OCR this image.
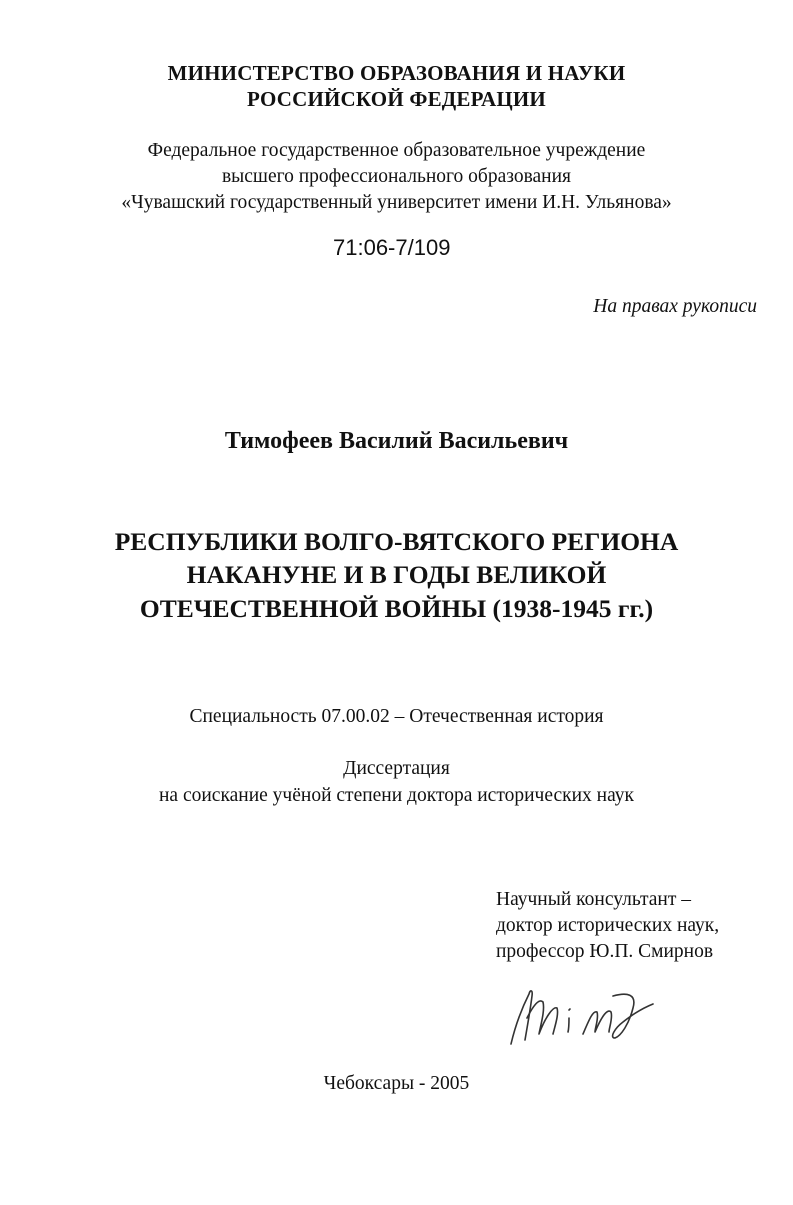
МИНИСТЕРСТВО ОБРАЗОВАНИЯ И НАУКИ
РОССИЙСКОЙ ФЕДЕРАЦИИ
Федеральное государственное образовательное учреждение
высшего профессионального образования
«Чувашский государственный университет имени И.Н. Ульянова»
71:06-7/109
На правах рукописи
Тимофеев Василий Васильевич
РЕСПУБЛИКИ ВОЛГО-ВЯТСКОГО РЕГИОНА
НАКАНУНЕ И В ГОДЫ ВЕЛИКОЙ
ОТЕЧЕСТВЕННОЙ ВОЙНЫ (1938-1945 гг.)
Специальность 07.00.02 – Отечественная история
Диссертация
на соискание учёной степени доктора исторических наук
Научный консультант –
доктор исторических наук,
профессор Ю.П. Смирнов
Чебоксары - 2005
